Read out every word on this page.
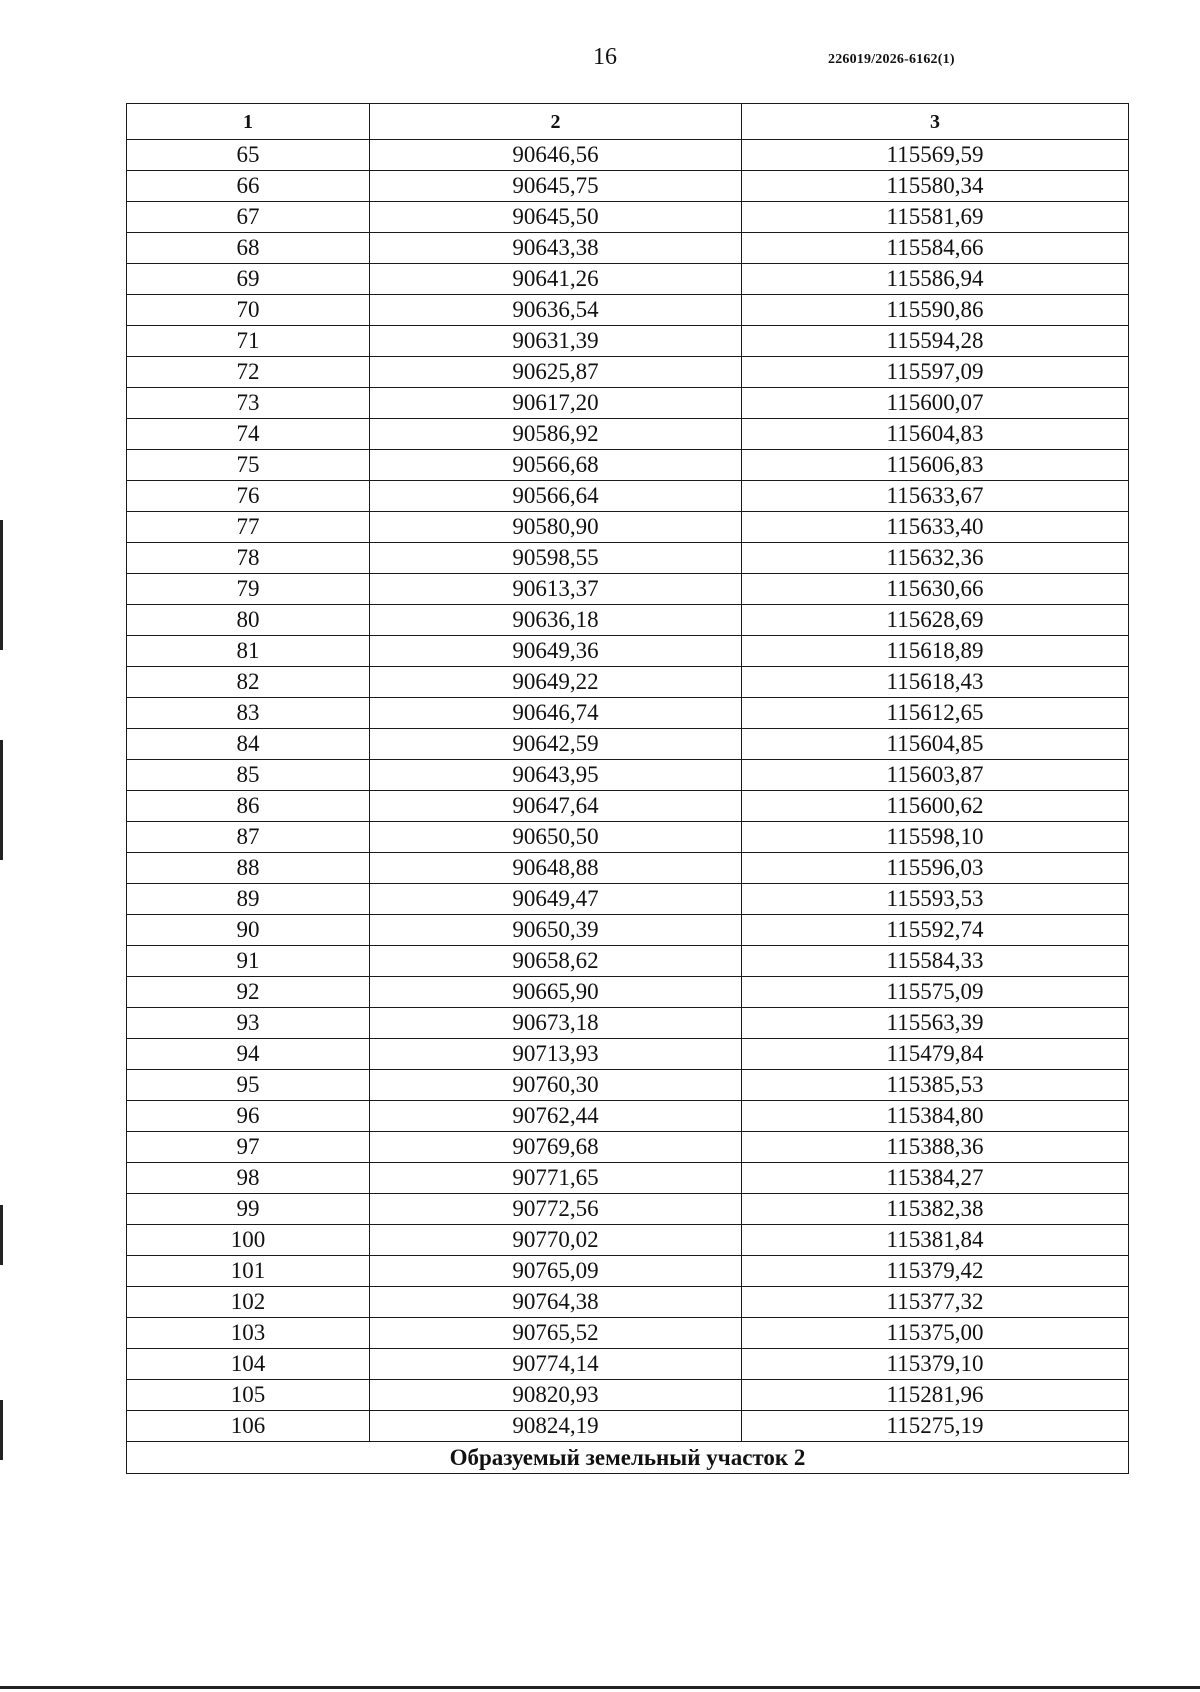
16	226019/2026-6162(1)
1	2	3
65	90646,56	115569,59
66	90645,75	115580,34
67	90645,50	115581,69
68	90643,38	115584,66
69	90641,26	115586,94
70	90636,54	115590,86
71	90631,39	115594,28
72	90625,87	115597,09
73	90617,20	115600,07
74	90586,92	115604,83
75	90566,68	115606,83
76	90566,64	115633,67
77	90580,90	115633,40
78	90598,55	115632,36
79	90613,37	115630,66
80	90636,18	115628,69
81	90649,36	115618,89
82	90649,22	115618,43
83	90646,74	115612,65
84	90642,59	115604,85
85	90643,95	115603,87
86	90647,64	115600,62
87	90650,50	115598,10
88	90648,88	115596,03
89	90649,47	115593,53
90	90650,39	115592,74
91	90658,62	115584,33
92	90665,90	115575,09
93	90673,18	115563,39
94	90713,93	115479,84
95	90760,30	115385,53
96	90762,44	115384,80
97	90769,68	115388,36
98	90771,65	115384,27
99	90772,56	115382,38
100	90770,02	115381,84
101	90765,09	115379,42
102	90764,38	115377,32
103	90765,52	115375,00
104	90774,14	115379,10
105	90820,93	115281,96
106	90824,19	115275,19
Образуемый земельный участок 2		
